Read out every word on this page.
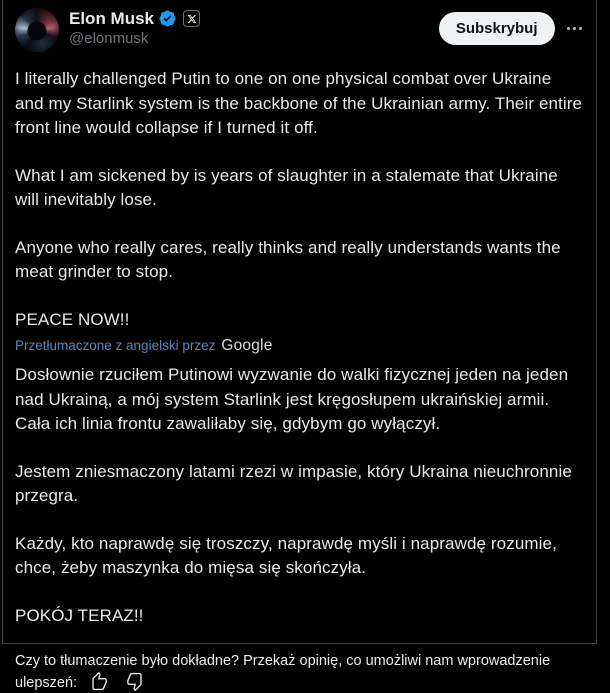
Elon Musk
@elonmusk
Subskrybuj

I literally challenged Putin to one on one physical combat over Ukraine and my Starlink system is the backbone of the Ukrainian army. Their entire front line would collapse if I turned it off.

What I am sickened by is years of slaughter in a stalemate that Ukraine will inevitably lose.

Anyone who really cares, really thinks and really understands wants the meat grinder to stop.

PEACE NOW!!

Przetłumaczone z angielski przez Google

Dosłownie rzuciłem Putinowi wyzwanie do walki fizycznej jeden na jeden nad Ukrainą, a mój system Starlink jest kręgosłupem ukraińskiej armii. Cała ich linia frontu zawaliłaby się, gdybym go wyłączył.

Jestem zniesmaczony latami rzezi w impasie, który Ukraina nieuchronnie przegra.

Każdy, kto naprawdę się troszczy, naprawdę myśli i naprawdę rozumie, chce, żeby maszynka do mięsa się skończyła.

POKÓJ TERAZ!!

Czy to tłumaczenie było dokładne? Przekaż opinię, co umożliwi nam wprowadzenie ulepszeń:
